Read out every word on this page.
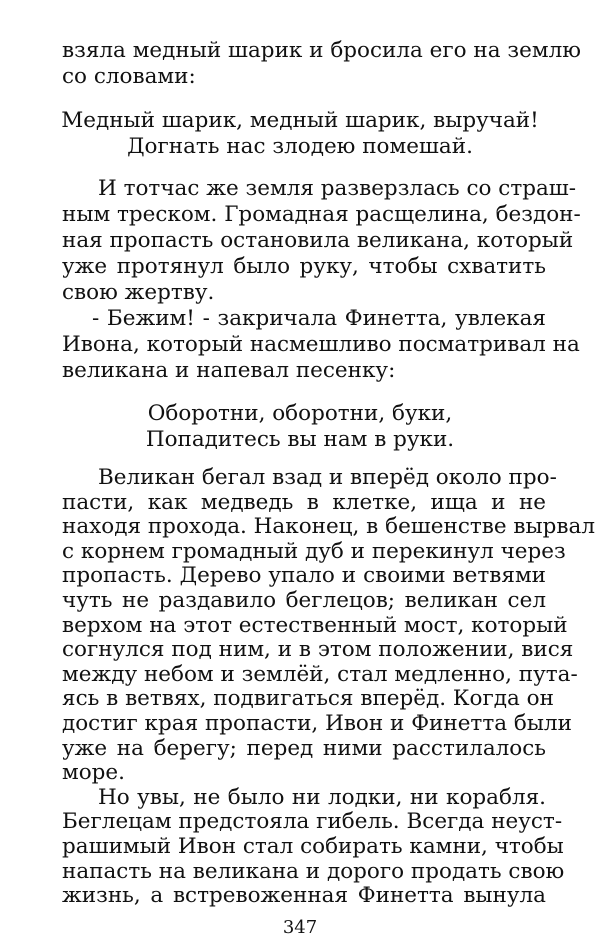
взяла медный шарик и бросила его на землю
со словами:
Медный шарик, медный шарик, выручай!
Догнать нас злодею помешай.
И тотчас же земля разверзлась со страш-
ным треском. Громадная расщелина, бездон-
ная пропасть остановила великана, который
уже протянул было руку, чтобы схватить
свою жертву.
- Бежим! - закричала Финетта, увлекая
Ивона, который насмешливо посматривал на
великана и напевал песенку:
Оборотни, оборотни, буки,
Попадитесь вы нам в руки.
Великан бегал взад и вперёд около про-
пасти, как медведь в клетке, ища и не
находя прохода. Наконец, в бешенстве вырвал
с корнем громадный дуб и перекинул через
пропасть. Дерево упало и своими ветвями
чуть не раздавило беглецов; великан сел
верхом на этот естественный мост, который
согнулся под ним, и в этом положении, вися
между небом и землёй, стал медленно, пута-
ясь в ветвях, подвигаться вперёд. Когда он
достиг края пропасти, Ивон и Финетта были
уже на берегу; перед ними расстилалось
море.
Но увы, не было ни лодки, ни корабля.
Беглецам предстояла гибель. Всегда неуст-
рашимый Ивон стал собирать камни, чтобы
напасть на великана и дорого продать свою
жизнь, а встревоженная Финетта вынула
347
